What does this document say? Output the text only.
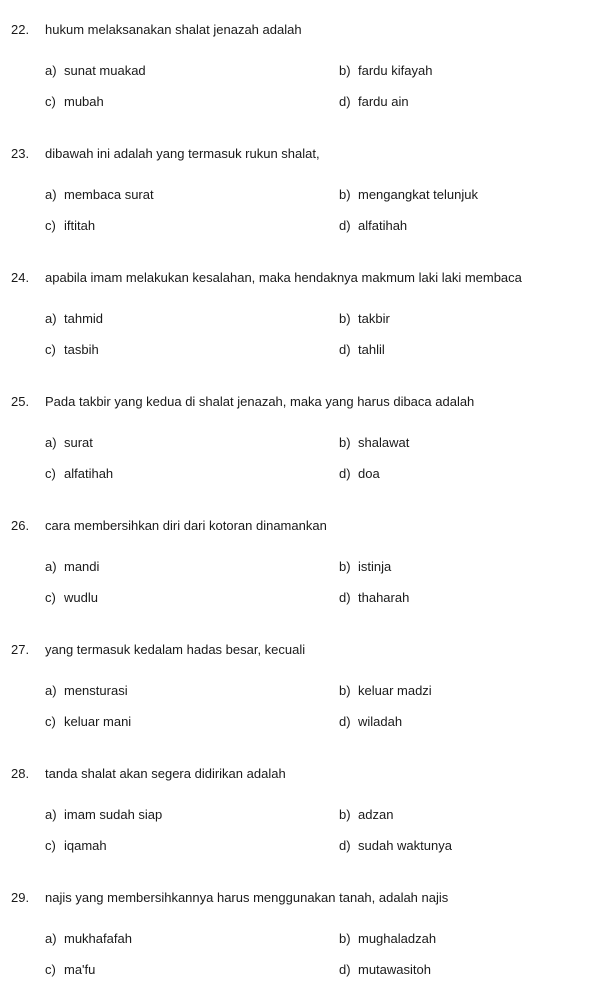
22. hukum melaksanakan shalat jenazah adalah
a) sunat muakad	b) fardu kifayah
c) mubah	d) fardu ain
23. dibawah ini adalah yang termasuk rukun shalat,
a) membaca surat	b) mengangkat telunjuk
c) iftitah	d) alfatihah
24. apabila imam melakukan kesalahan, maka hendaknya makmum laki laki membaca
a) tahmid	b) takbir
c) tasbih	d) tahlil
25. Pada takbir yang kedua di shalat jenazah, maka yang harus dibaca adalah
a) surat	b) shalawat
c) alfatihah	d) doa
26. cara membersihkan diri dari kotoran dinamankan
a) mandi	b) istinja
c) wudlu	d) thaharah
27. yang termasuk kedalam hadas besar, kecuali
a) mensturasi	b) keluar madzi
c) keluar mani	d) wiladah
28. tanda shalat akan segera didirikan adalah
a) imam sudah siap	b) adzan
c) iqamah	d) sudah waktunya
29. najis yang membersihkannya harus menggunakan tanah, adalah najis
a) mukhafafah	b) mughaladzah
c) ma'fu	d) mutawasitoh
